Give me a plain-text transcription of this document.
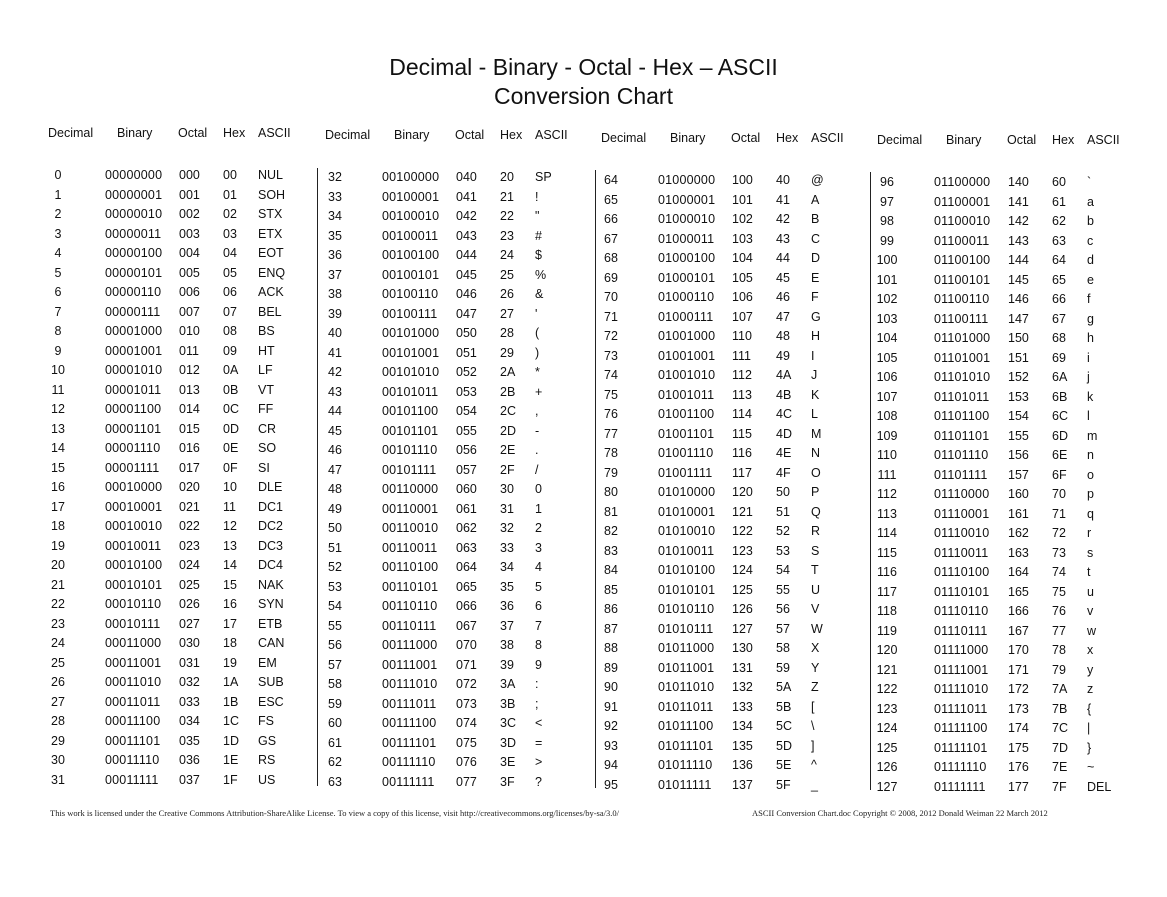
Decimal - Binary - Octal - Hex – ASCII
Conversion Chart
Decimal Binary Octal Hex ASCII
0	00000000 000 00 NUL
1	00000001 001 01 SOH
2	00000010 002 02 STX
3	00000011 003 03 ETX
4	00000100 004 04 EOT
5	00000101 005 05 ENQ
6	00000110 006 06 ACK
7	00000111 007 07 BEL
8	00001000 010 08 BS
9	00001001 011 09 HT
10	00001010 012 0A LF
11	00001011 013 0B VT
12	00001100 014 0C FF
13	00001101 015 0D CR
14	00001110 016 0E SO
15	00001111 017 0F SI
16	00010000 020 10 DLE
17	00010001 021 11 DC1
18	00010010 022 12 DC2
19	00010011 023 13 DC3
20	00010100 024 14 DC4
21	00010101 025 15 NAK
22	00010110 026 16 SYN
23	00010111 027 17 ETB
24	00011000 030 18 CAN
25	00011001 031 19 EM
26	00011010 032 1A SUB
27	00011011 033 1B ESC
28	00011100 034 1C FS
29	00011101 035 1D GS
30	00011110 036 1E RS
31	00011111 037 1F US
Decimal Binary Octal Hex ASCII
32	00100000 040 20 SP
33	00100001 041 21 !
34	00100010 042 22 "
35	00100011 043 23 #
36	00100100 044 24 $
37	00100101 045 25 %
38	00100110 046 26 &
39	00100111 047 27 '
40	00101000 050 28 (
41	00101001 051 29 )
42	00101010 052 2A *
43	00101011 053 2B +
44	00101100 054 2C ,
45	00101101 055 2D -
46	00101110 056 2E .
47	00101111 057 2F /
48	00110000 060 30 0
49	00110001 061 31 1
50	00110010 062 32 2
51	00110011 063 33 3
52	00110100 064 34 4
53	00110101 065 35 5
54	00110110 066 36 6
55	00110111 067 37 7
56	00111000 070 38 8
57	00111001 071 39 9
58	00111010 072 3A :
59	00111011 073 3B ;
60	00111100 074 3C <
61	00111101 075 3D =
62	00111110 076 3E >
63	00111111 077 3F ?
Decimal Binary Octal Hex ASCII
64	01000000 100 40 @
65	01000001 101 41 A
66	01000010 102 42 B
67	01000011 103 43 C
68	01000100 104 44 D
69	01000101 105 45 E
70	01000110 106 46 F
71	01000111 107 47 G
72	01001000 110 48 H
73	01001001 111 49 I
74	01001010 112 4A J
75	01001011 113 4B K
76	01001100 114 4C L
77	01001101 115 4D M
78	01001110 116 4E N
79	01001111 117 4F O
80	01010000 120 50 P
81	01010001 121 51 Q
82	01010010 122 52 R
83	01010011 123 53 S
84	01010100 124 54 T
85	01010101 125 55 U
86	01010110 126 56 V
87	01010111 127 57 W
88	01011000 130 58 X
89	01011001 131 59 Y
90	01011010 132 5A Z
91	01011011 133 5B [
92	01011100 134 5C \
93	01011101 135 5D ]
94	01011110 136 5E ^
95	01011111 137 5F _
Decimal Binary Octal Hex ASCII
96	01100000 140 60 `
97	01100001 141 61 a
98	01100010 142 62 b
99	01100011 143 63 c
100	01100100 144 64 d
101	01100101 145 65 e
102	01100110 146 66 f
103	01100111 147 67 g
104	01101000 150 68 h
105	01101001 151 69 i
106	01101010 152 6A j
107	01101011 153 6B k
108	01101100 154 6C l
109	01101101 155 6D m
110	01101110 156 6E n
111	01101111 157 6F o
112	01110000 160 70 p
113	01110001 161 71 q
114	01110010 162 72 r
115	01110011 163 73 s
116	01110100 164 74 t
117	01110101 165 75 u
118	01110110 166 76 v
119	01110111 167 77 w
120	01111000 170 78 x
121	01111001 171 79 y
122	01111010 172 7A z
123	01111011 173 7B {
124	01111100 174 7C |
125	01111101 175 7D }
126	01111110 176 7E ~
127	01111111 177 7F DEL
This work is licensed under the Creative Commons Attribution-ShareAlike License. To view a copy of this license, visit http://creativecommons.org/licenses/by-sa/3.0/	ASCII Conversion Chart.doc Copyright © 2008, 2012 Donald Weiman 22 March 2012
